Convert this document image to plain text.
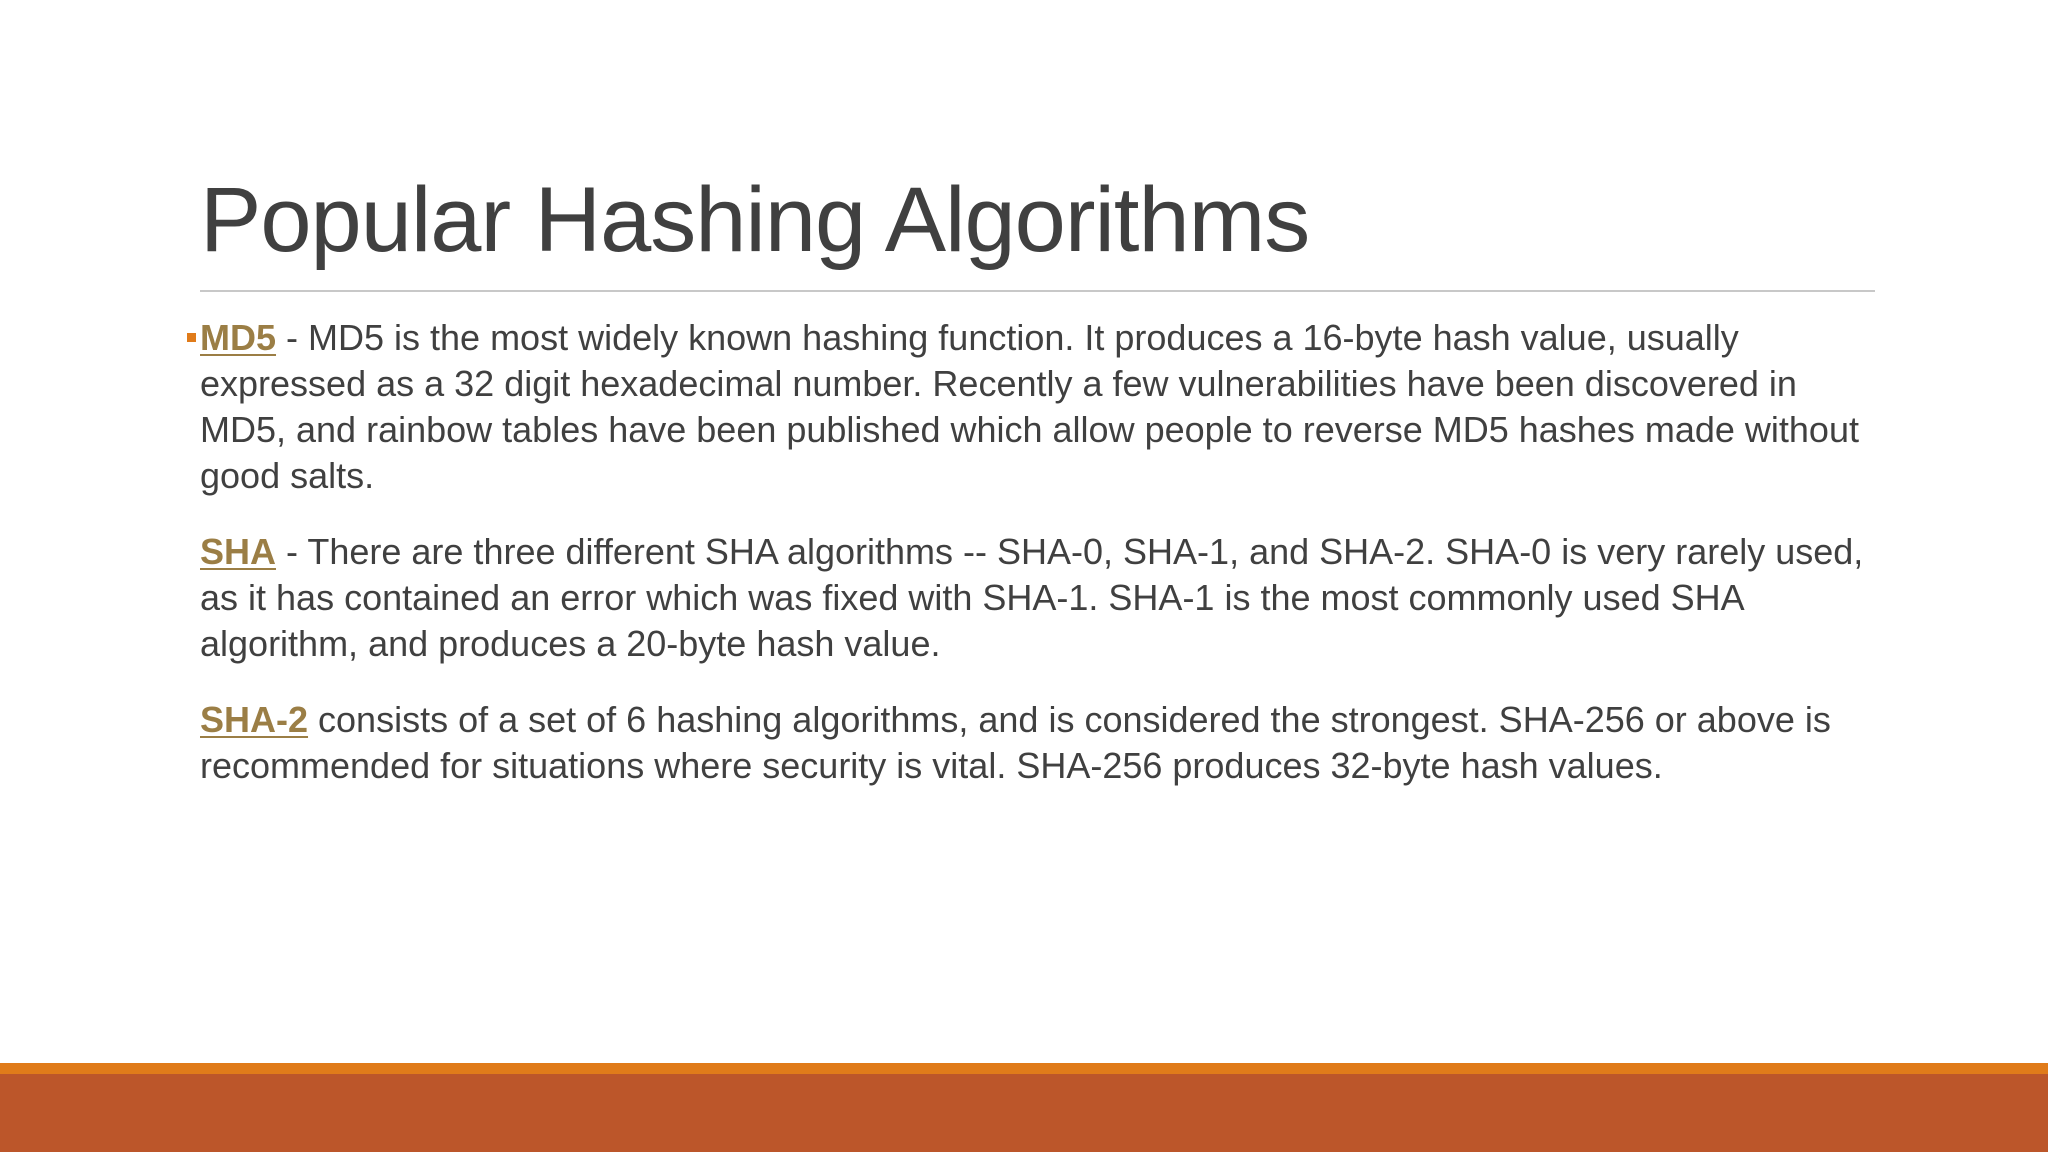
Popular Hashing Algorithms

MD5 - MD5 is the most widely known hashing function. It produces a 16-byte hash value, usually expressed as a 32 digit hexadecimal number. Recently a few vulnerabilities have been discovered in MD5, and rainbow tables have been published which allow people to reverse MD5 hashes made without good salts.

SHA - There are three different SHA algorithms -- SHA-0, SHA-1, and SHA-2. SHA-0 is very rarely used, as it has contained an error which was fixed with SHA-1. SHA-1 is the most commonly used SHA algorithm, and produces a 20-byte hash value.

SHA-2 consists of a set of 6 hashing algorithms, and is considered the strongest. SHA-256 or above is recommended for situations where security is vital. SHA-256 produces 32-byte hash values.
